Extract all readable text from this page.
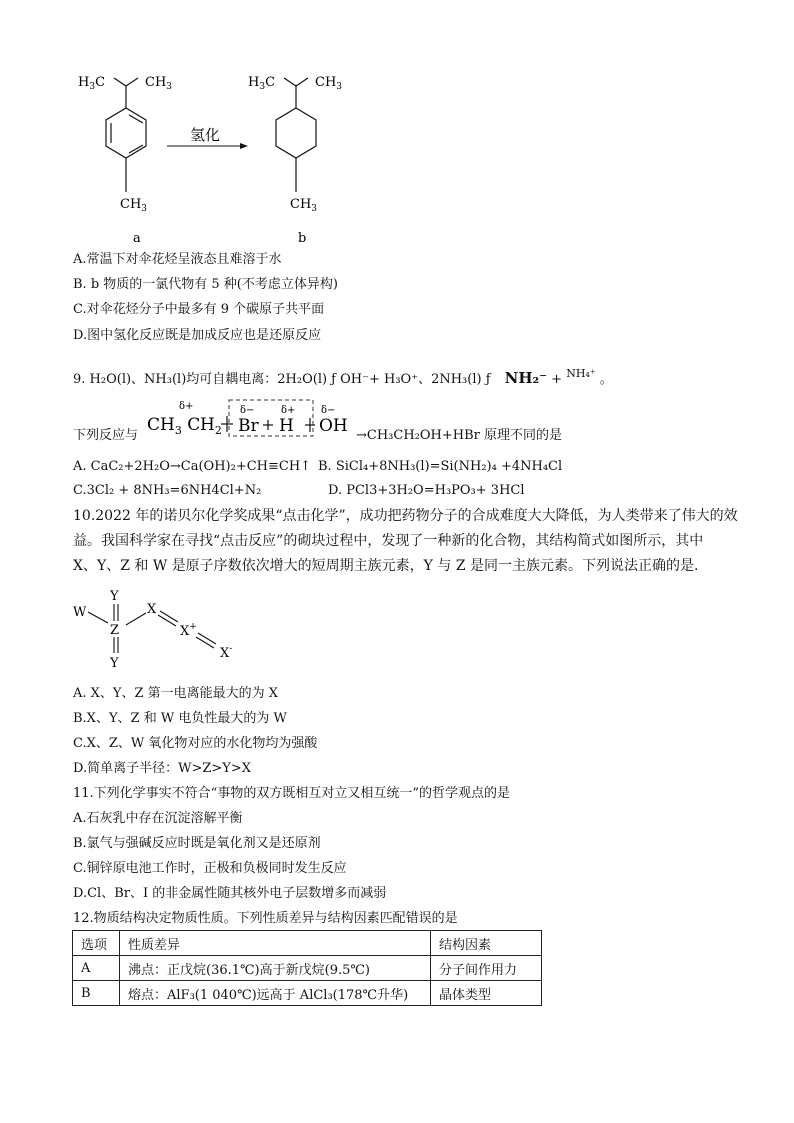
$H_3C$	$CH_3$
$CH_3$
氢化
$H_3C$	$CH_3$
$CH_3$
a	b
A.常温下对伞花烃呈液态且难溶于水
B. b 物质的一氯代物有 5 种(不考虑立体异构)
C.对伞花烃分子中最多有 9 个碳原子共平面
D.图中氢化反应既是加成反应也是还原反应
9. H₂O(l)、NH₃(l)均可自耦电离：2H₂O(l) ƒ OH⁻+ H₃O⁺、2NH₃(l) ƒ NH₂⁻ + $^{NH_4^+}$ 。
下列反应与
$CH_3$ C
δ+
$H_2$
δ−
Br
δ+
H
δ−
OH →CH₃CH₂OH+HBr 原理不同的是
A. CaC₂+2H₂O→Ca(OH)₂+CH≡CH↑ B. SiCl₄+8NH₃(l)=Si(NH₂)₄ +4NH₄Cl
C.3Cl₂ + 8NH₃=6NH4Cl+N₂	D. PCl3+3H₂O=H₃PO₃+ 3HCl
10.2022 年的诺贝尔化学奖成果“点击化学”，成功把药物分子的合成难度大大降低，为人类带来了伟大的效
益。我国科学家在寻找“点击反应”的砌块过程中，发现了一种新的化合物，其结构简式如图所示，其中
X、Y、Z 和 W 是原子序数依次增大的短周期主族元素，Y 与 Z 是同一主族元素。下列说法正确的是.
W
Z
Y
Y
X
X+
X-
A. X、Y、Z 第一电离能最大的为 X
B.X、Y、Z 和 W 电负性最大的为 W
C.X、Z、W 氧化物对应的水化物均为强酸
D.简单离子半径：W>Z>Y>X
11.下列化学事实不符合“事物的双方既相互对立又相互统一”的哲学观点的是
A.石灰乳中存在沉淀溶解平衡
B.氯气与强碱反应时既是氧化剂又是还原剂
C.铜锌原电池工作时，正极和负极同时发生反应
D.Cl、Br、I 的非金属性随其核外电子层数增多而减弱
12.物质结构决定物质性质。下列性质差异与结构因素匹配错误的是
选项	性质差异	结构因素
A	沸点：正戊烷(36.1℃)高于新戊烷(9.5℃)	分子间作用力
B	熔点：AlF₃(1 040℃)远高于 AlCl₃(178℃升华)	晶体类型
